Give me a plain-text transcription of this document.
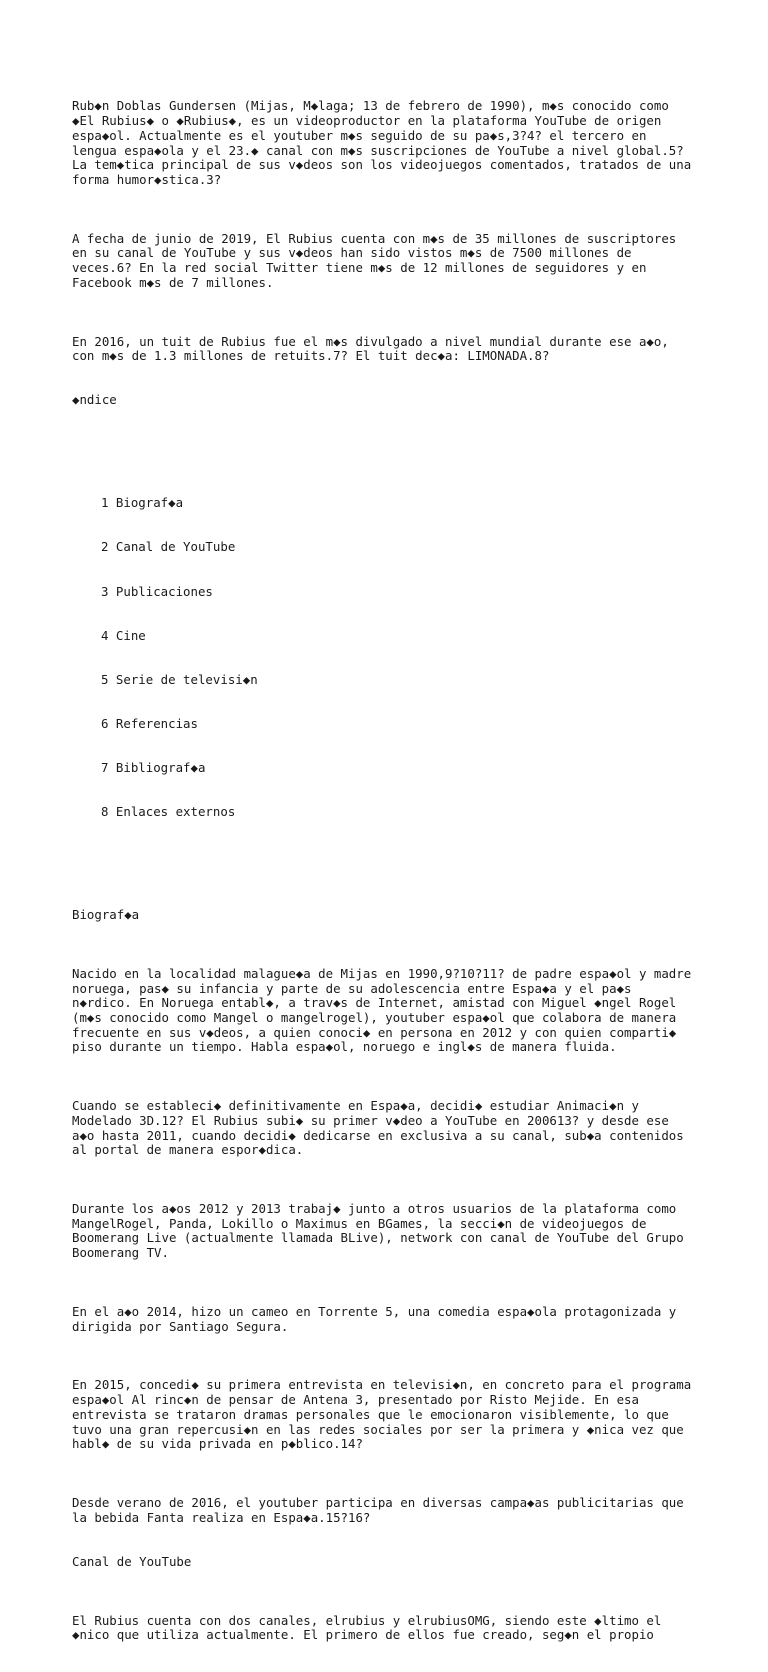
Rub◆n Doblas Gundersen (Mijas, M◆laga; 13 de febrero de 1990), m◆s conocido como
◆El Rubius◆ o ◆Rubius◆, es un videoproductor en la plataforma YouTube de origen
espa◆ol. Actualmente es el youtuber m◆s seguido de su pa◆s,3?4? el tercero en
lengua espa◆ola y el 23.◆ canal con m◆s suscripciones de YouTube a nivel global.5?
La tem◆tica principal de sus v◆deos son los videojuegos comentados, tratados de una
forma humor◆stica.3?

A fecha de junio de 2019, El Rubius cuenta con m◆s de 35 millones de suscriptores
en su canal de YouTube y sus v◆deos han sido vistos m◆s de 7500 millones de
veces.6? En la red social Twitter tiene m◆s de 12 millones de seguidores y en
Facebook m◆s de 7 millones.

En 2016, un tuit de Rubius fue el m◆s divulgado a nivel mundial durante ese a◆o,
con m◆s de 1.3 millones de retuits.7? El tuit dec◆a: LIMONADA.8?

◆ndice

1 Biograf◆a

2 Canal de YouTube

3 Publicaciones

4 Cine

5 Serie de televisi◆n

6 Referencias

7 Bibliograf◆a

8 Enlaces externos

Biograf◆a

Nacido en la localidad malague◆a de Mijas en 1990,9?10?11? de padre espa◆ol y madre
noruega, pas◆ su infancia y parte de su adolescencia entre Espa◆a y el pa◆s
n◆rdico. En Noruega entabl◆, a trav◆s de Internet, amistad con Miguel ◆ngel Rogel
(m◆s conocido como Mangel o mangelrogel), youtuber espa◆ol que colabora de manera
frecuente en sus v◆deos, a quien conoci◆ en persona en 2012 y con quien comparti◆
piso durante un tiempo. Habla espa◆ol, noruego e ingl◆s de manera fluida.

Cuando se estableci◆ definitivamente en Espa◆a, decidi◆ estudiar Animaci◆n y
Modelado 3D.12? El Rubius subi◆ su primer v◆deo a YouTube en 200613? y desde ese
a◆o hasta 2011, cuando decidi◆ dedicarse en exclusiva a su canal, sub◆a contenidos
al portal de manera espor◆dica.

Durante los a◆os 2012 y 2013 trabaj◆ junto a otros usuarios de la plataforma como
MangelRogel, Panda, Lokillo o Maximus en BGames, la secci◆n de videojuegos de
Boomerang Live (actualmente llamada BLive), network con canal de YouTube del Grupo
Boomerang TV.

En el a◆o 2014, hizo un cameo en Torrente 5, una comedia espa◆ola protagonizada y
dirigida por Santiago Segura.

En 2015, concedi◆ su primera entrevista en televisi◆n, en concreto para el programa
espa◆ol Al rinc◆n de pensar de Antena 3, presentado por Risto Mejide. En esa
entrevista se trataron dramas personales que le emocionaron visiblemente, lo que
tuvo una gran repercusi◆n en las redes sociales por ser la primera y ◆nica vez que
habl◆ de su vida privada en p◆blico.14?

Desde verano de 2016, el youtuber participa en diversas campa◆as publicitarias que
la bebida Fanta realiza en Espa◆a.15?16?

Canal de YouTube

El Rubius cuenta con dos canales, elrubius y elrubiusOMG, siendo este ◆ltimo el
◆nico que utiliza actualmente. El primero de ellos fue creado, seg◆n el propio
